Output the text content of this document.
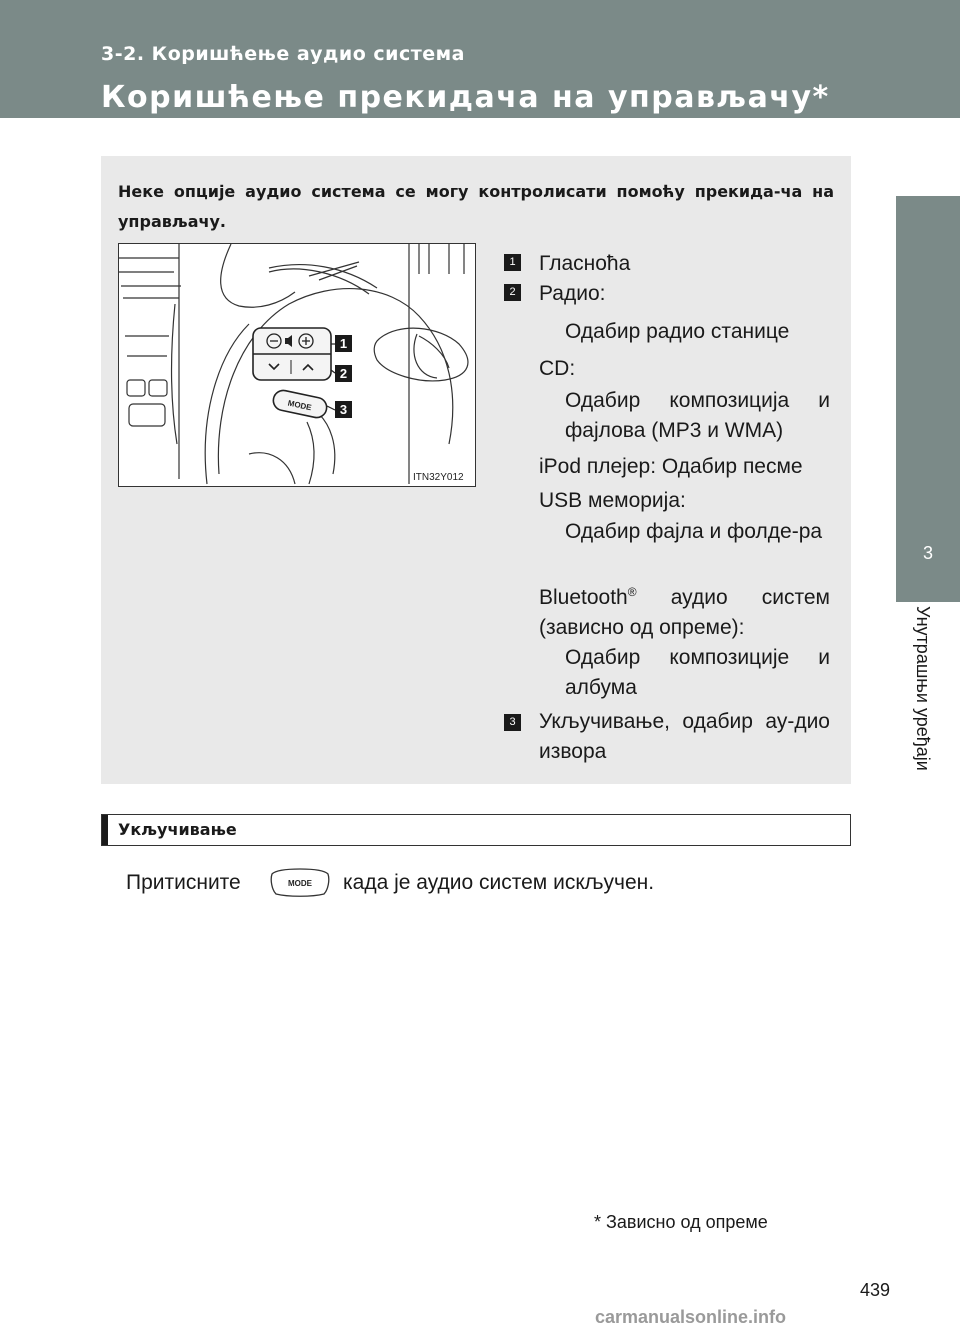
3-2. Коришћење аудио система
Коришћење прекидача на управљачу*
3
Унутрашњи уређаји
Неке опције аудио система се могу контролисати помоћу прекида-ча на управљачу.
MODE
1
2
3
ITN32Y012
1 Гласноћа
2 Радио:
Одабир радио станице
CD:
Одабир композиција и фајлова (MP3 и WMA)
iPod плејер: Одабир песме
USB меморија:
Одабир фајла и фолде-ра
Bluetooth® аудио систем (зависно од опреме):
Одабир композиције и албума
3 Укључивање, одабир ау-дио извора
Укључивање
Притисните	MODE када је аудио систем искључен.
* Зависно од опреме
439
carmanualsonline.info
